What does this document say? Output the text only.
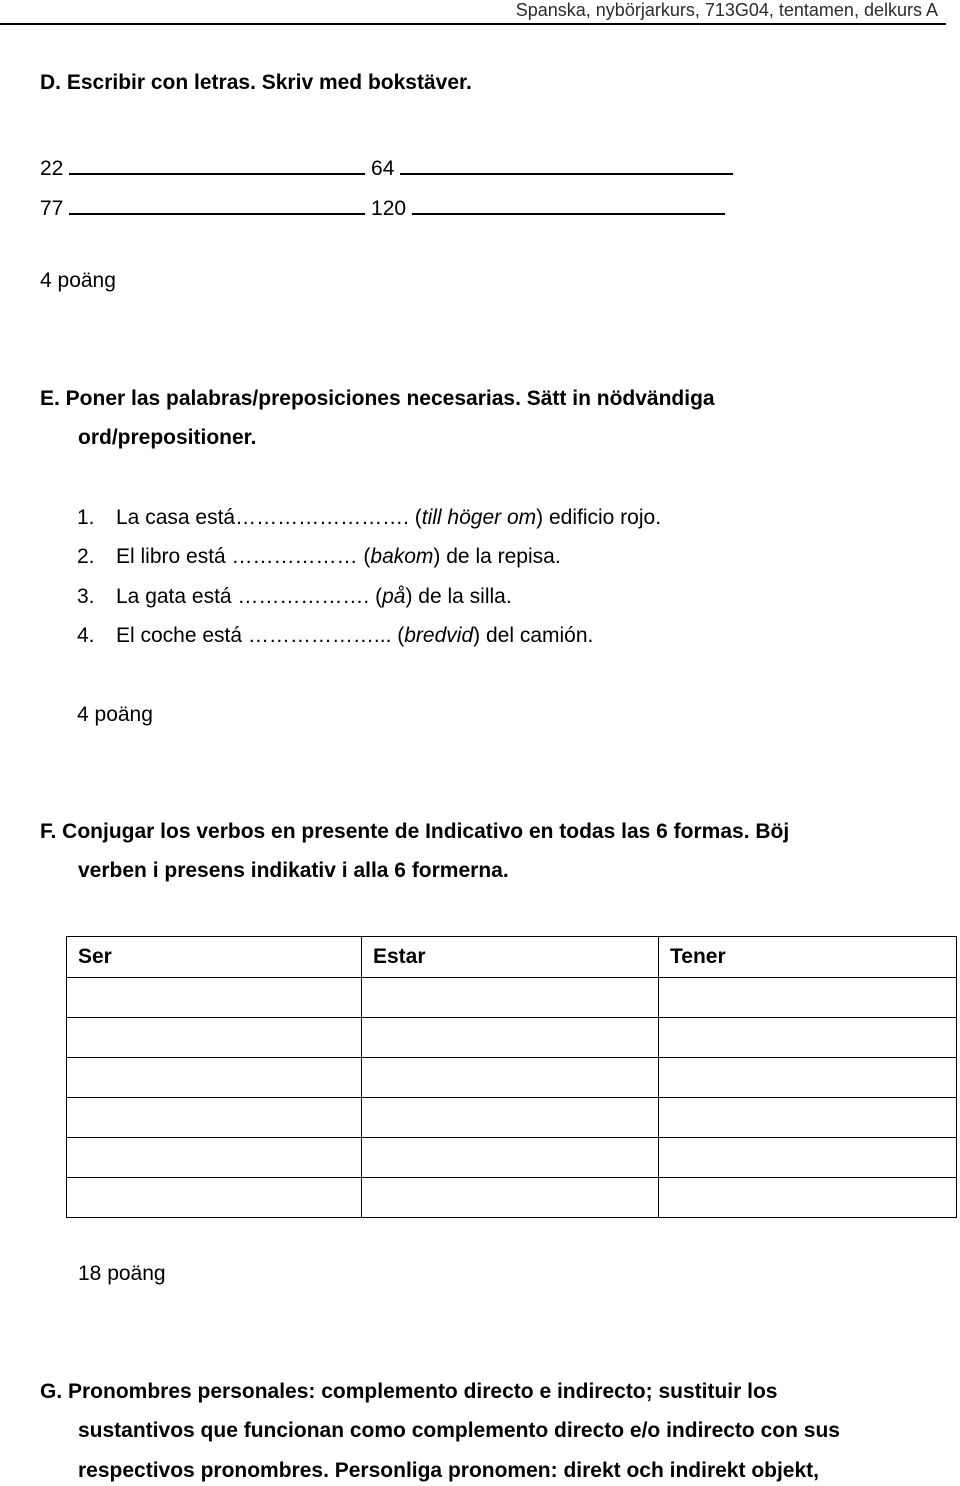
Spanska, nybörjarkurs, 713G04, tentamen, delkurs A
D. Escribir con letras. Skriv med bokstäver.
22	64
77	120
4 poäng
E. Poner las palabras/preposiciones necesarias. Sätt in nödvändiga
ord/prepositioner.
1. La casa está……………………. (till höger om) edificio rojo.
2. El libro está ……………… (bakom) de la repisa.
3. La gata está ………………. (på) de la silla.
4. El coche está ………………... (bredvid) del camión.
4 poäng
F. Conjugar los verbos en presente de Indicativo en todas las 6 formas. Böj
verben i presens indikativ i alla 6 formerna.
Ser	Estar	Tener

18 poäng
G. Pronombres personales: complemento directo e indirecto; sustituir los
sustantivos que funcionan como complemento directo e/o indirecto con sus
respectivos pronombres. Personliga pronomen: direkt och indirekt objekt,
